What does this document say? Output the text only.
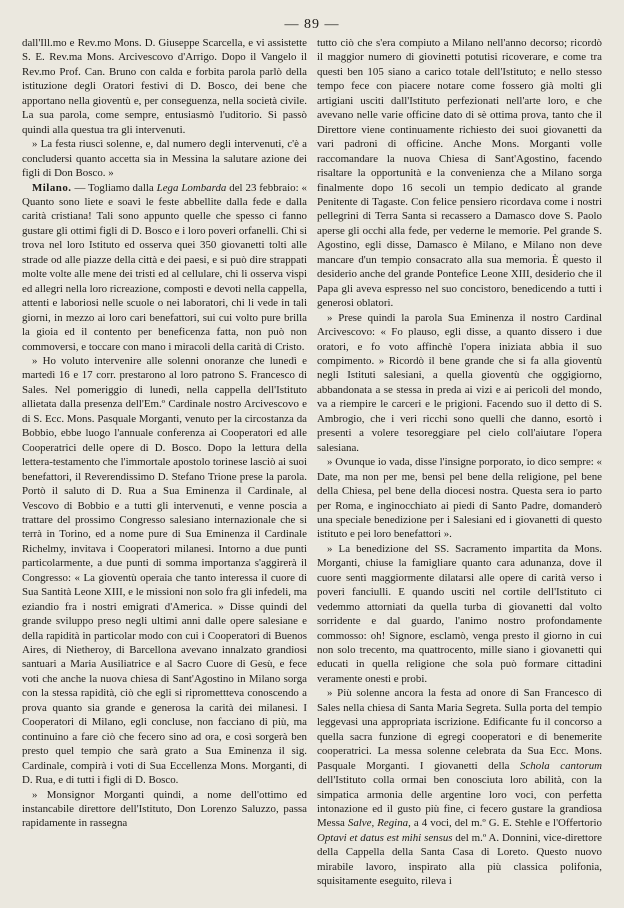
— 89 —

dall'Ill.mo e Rev.mo Mons. D. Giuseppe Scarcella, e vi assistette S. E. Rev.ma Mons. Arcivescovo d'Arrigo. Dopo il Vangelo il Rev.mo Prof. Can. Bruno con calda e forbita parola parlò della istituzione degli Oratori festivi di D. Bosco, dei bene che apportano nella gioventù e, per conseguenza, nella società civile. La sua parola, come sempre, entusiasmò l'uditorio. Si passò quindi alla questua tra gli intervenuti.

» La festa riuscì solenne, e, dal numero degli intervenuti, c'è a concludersi quanto accetta sia in Messina la salutare azione dei figli di Don Bosco. »

Milano. — Togliamo dalla Lega Lombarda del 23 febbraio: « Quanto sono liete e soavi le feste abbellite dalla fede e dalla carità cristiana! Tali sono appunto quelle che spesso ci fanno gustare gli ottimi figli di D. Bosco e i loro poveri orfanelli. Chi si trova nel loro Istituto ed osserva quei 350 giovanetti tolti alle strade od alle piazze della città e dei paesi, e si può dire strappati molte volte alle mene dei tristi ed al cellulare, chi li osserva vispi ed allegri nella loro ricreazione, composti e devoti nella cappella, attenti e laboriosi nelle scuole o nei laboratori, chi li vede in tali giorni, in mezzo ai loro cari benefattori, sui cui volto pure brilla la gioia ed il contento per beneficenza fatta, non può non commoversi, e toccare con mano i miracoli della carità di Cristo.

» Ho voluto intervenire alle solenni onoranze che lunedì e martedì 16 e 17 corr. prestarono al loro patrono S. Francesco di Sales. Nel pomeriggio di lunedì, nella cappella dell'Istituto allietata dalla presenza dell'Em.º Cardinale nostro Arcivescovo e di S. Ecc. Mons. Pasquale Morganti, venuto per la circostanza da Bobbio, ebbe luogo l'annuale conferenza ai Cooperatori ed alle Cooperatrici delle opere di D. Bosco. Dopo la lettura della lettera-testamento che l'immortale apostolo torinese lasciò ai suoi benefattori, il Reverendissimo D. Stefano Trione prese la parola. Portò il saluto di D. Rua a Sua Eminenza il Cardinale, al Vescovo di Bobbio e a tutti gli intervenuti, e venne poscia a trattare del prossimo Congresso salesiano internazionale che si terrà in Torino, ed a nome pure di Sua Eminenza il Cardinale Richelmy, invitava i Cooperatori milanesi. Intorno a due punti particolarmente, a due punti di somma importanza s'aggirerà il Congresso: « La gioventù operaia che tanto interessa il cuore di Sua Santità Leone XIII, e le missioni non solo fra gli infedeli, ma eziandio fra i nostri emigrati d'America. » Disse quindi del grande sviluppo preso negli ultimi anni dalle opere salesiane e della rapidità in particolar modo con cui i Cooperatori di Buenos Aires, di Nietheroy, di Barcellona avevano innalzato grandiosi santuari a Maria Ausiliatrice e al Sacro Cuore di Gesù, e fece voti che anche la nuova chiesa di Sant'Agostino in Milano sorga con la stessa rapidità, ciò che egli si ripromettteva conoscendo a prova quanto sia grande e generosa la carità dei milanesi. I Cooperatori di Milano, egli concluse, non facciano di più, ma continuino a fare ciò che fecero sino ad ora, e così sorgerà ben presto quel tempio che sarà grato a Sua Eminenza il sig. Cardinale, compirà i voti di Sua Eccellenza Mons. Morganti, di D. Rua, e di tutti i figli di D. Bosco.

» Monsignor Morganti quindi, a nome dell'ottimo ed instancabile direttore dell'Istituto, Don Lorenzo Saluzzo, passa rapidamente in rassegna

tutto ciò che s'era compiuto a Milano nell'anno decorso; ricordò il maggior numero di giovinetti potutisi ricoverare, e come tra questi ben 105 siano a carico totale dell'Istituto; e nello stesso tempo fece con piacere notare come fossero già molti gli artigiani usciti dall'Istituto perfezionati nell'arte loro, e che avevano nelle varie officine dato di sè ottima prova, tanto che il Direttore viene continuamente richiesto dei suoi giovanetti da vari padroni di officine. Anche Mons. Morganti volle raccomandare la nuova Chiesa di Sant'Agostino, facendo risaltare la opportunità e la convenienza che a Milano sorga finalmente dopo 16 secoli un tempio dedicato al grande Penitente di Tagaste. Con felice pensiero ricordava come i nostri pellegrini di Terra Santa si recassero a Damasco dove S. Paolo aperse gli occhi alla fede, per vederne le memorie. Pel grande S. Agostino, egli disse, Damasco è Milano, e Milano non deve mancare d'un tempio consacrato alla sua memoria. È questo il desiderio anche del grande Pontefice Leone XIII, desiderio che il Papa gli aveva espresso nel suo concistoro, benedicendo a tutti i generosi oblatori.

» Prese quindi la parola Sua Eminenza il nostro Cardinal Arcivescovo: « Fo plauso, egli disse, a quanto dissero i due oratori, e fo voto affinchè l'opera iniziata abbia il suo compimento. » Ricordò il bene grande che si fa alla gioventù negli Istituti salesiani, a quella gioventù che oggigiorno, abbandonata a se stessa in preda ai vizi e ai pericoli del mondo, va a riempire le carceri e le prigioni. Facendo suo il detto di S. Ambrogio, che i veri ricchi sono quelli che danno, esortò i presenti a volere tesoreggiare pel cielo coll'aiutare l'opera salesiana.

» Ovunque io vada, disse l'insigne porporato, io dico sempre: « Date, ma non per me, bensì pel bene della religione, pel bene della Chiesa, pel bene della diocesi nostra. Questa sera io parto per Roma, e inginocchiato ai piedi di Santo Padre, domanderò una speciale benedizione per i Salesiani ed i giovanetti di questo istituto e pei loro benefattori ».

» La benedizione del SS. Sacramento impartita da Mons. Morganti, chiuse la famigliare quanto cara adunanza, dove il cuore sentì maggiormente dilatarsi alle opere di carità verso i poveri fanciulli. E quando usciti nel cortile dell'Istituto ci vedemmo attorniati da quella turba di giovanetti dal volto sorridente e dal guardo, l'animo nostro profondamente commosso: oh! Signore, esclamò, venga presto il giorno in cui non solo trecento, ma quattrocento, mille siano i giovanetti qui educati in quella religione che sola può formare cittadini veramente onesti e probi.

» Più solenne ancora la festa ad onore di San Francesco di Sales nella chiesa di Santa Maria Segreta. Sulla porta del tempio leggevasi una appropriata iscrizione. Edificante fu il concorso a quella sacra funzione di egregi cooperatori e di benemerite cooperatrici. La messa solenne celebrata da Sua Ecc. Mons. Pasquale Morganti. I giovanetti della Schola cantorum dell'Istituto colla ormai ben conosciuta loro abilità, con la simpatica armonia delle argentine loro voci, con perfetta intonazione ed il gusto più fine, ci fecero gustare la grandiosa Messa Salve, Regina, a 4 voci, del m.º G. E. Stehle e l'Offertorio Optavi et datus est mihi sensus del m.º A. Donnini, vice-direttore della Cappella della Santa Casa di Loreto. Questo nuovo mirabile lavoro, inspirato alla più classica polifonia, squisitamente eseguito, rileva i
